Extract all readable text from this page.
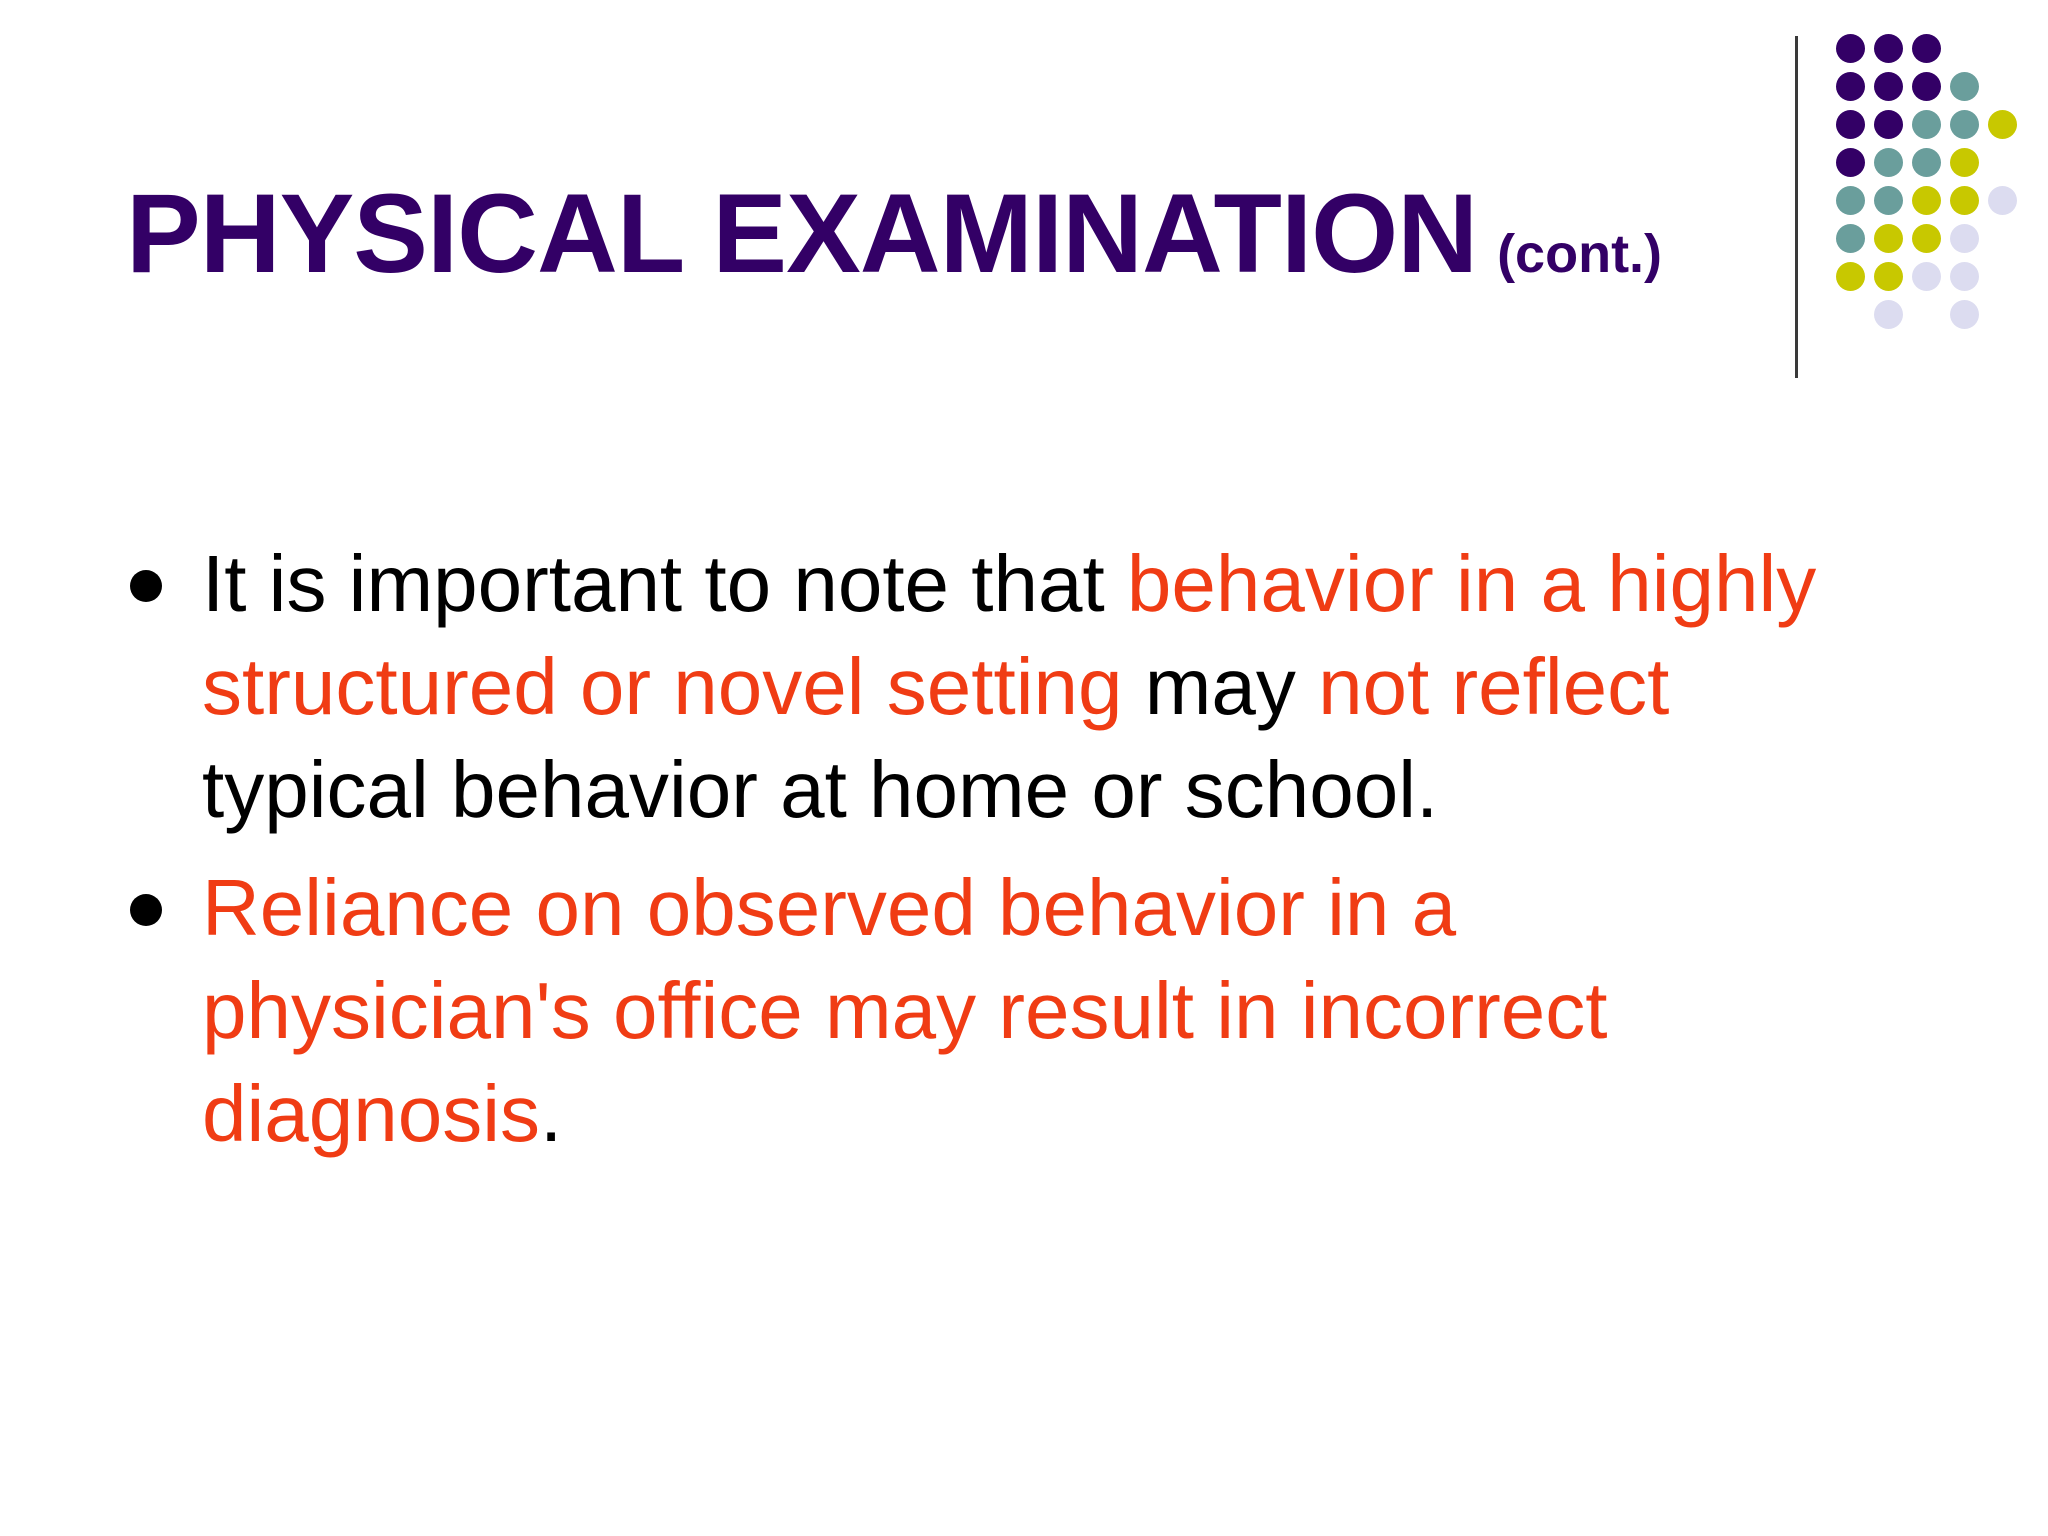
PHYSICAL EXAMINATION (cont.)
It is important to note that behavior in a highly
structured or novel setting may not reflect
typical behavior at home or school.
Reliance on observed behavior in a
physician's office may result in incorrect
diagnosis.
